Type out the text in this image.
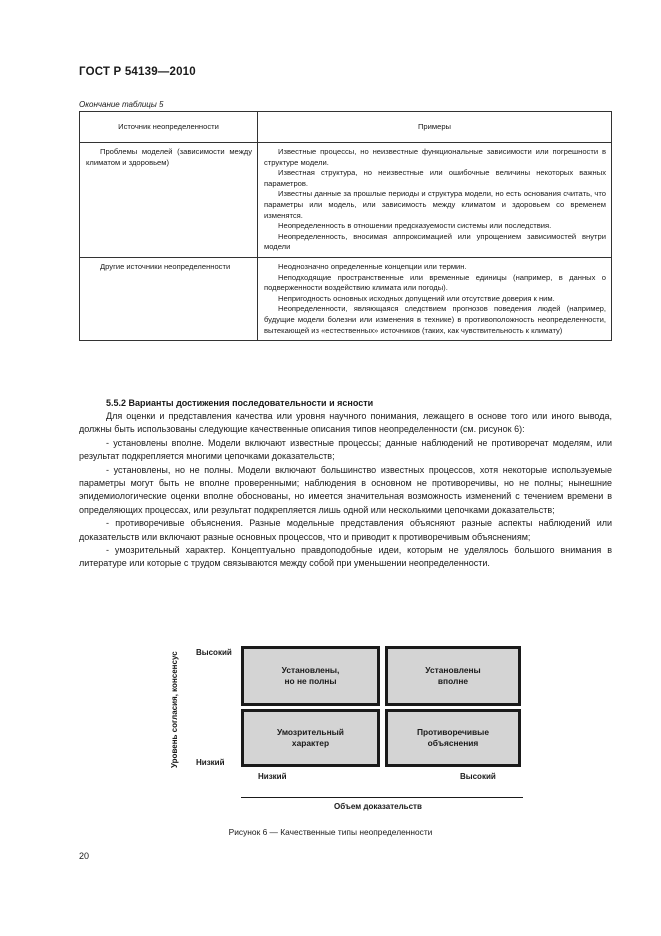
ГОСТ Р 54139—2010
Окончание таблицы 5
Источник неопределенности	Примеры

Проблемы моделей (зависимости между климатом и здоровьем)	Известные процессы, но неизвестные функциональные зависимости или погрешности в структуре модели.

Известная структура, но неизвестные или ошибочные величины некоторых важных параметров.

Известны данные за прошлые периоды и структура модели, но есть основания считать, что параметры или модель, или зависимость между климатом и здоровьем со временем изменятся.

Неопределенность в отношении предсказуемости системы или последствия.

Неопределенность, вносимая аппроксимацией или упрощением зависимостей внутри модели

Другие источники неопределенности	Неоднозначно определенные концепции или термин.

Неподходящие пространственные или временные единицы (например, в данных о подверженности воздействию климата или погоды).

Непригодность основных исходных допущений или отсутствие доверия к ним.

Неопределенности, являющаяся следствием прогнозов поведения людей (например, будущие модели болезни или изменения в технике) в противоположность неопределенности, вытекающей из «естественных» источников (таких, как чувствительность к климату)

5.5.2 Варианты достижения последовательности и ясности

Для оценки и представления качества или уровня научного понимания, лежащего в основе того или иного вывода, должны быть использованы следующие качественные описания типов неопределенности (см. рисунок 6):

- установлены вполне. Модели включают известные процессы; данные наблюдений не противоречат моделям, или результат подкрепляется многими цепочками доказательств;

- установлены, но не полны. Модели включают большинство известных процессов, хотя некоторые используемые параметры могут быть не вполне проверенными; наблюдения в основном не противоречивы, но не полны; нынешние эпидемиологические оценки вполне обоснованы, но имеется значительная возможность изменений с течением времени в определяющих процессах, или результат подкрепляется лишь одной или несколькими цепочками доказательств;

- противоречивые объяснения. Разные модельные представления объясняют разные аспекты наблюдений или доказательств или включают разные основных процессов, что и приводит к противоречивым объяснениям;

- умозрительный характер. Концептуально правдоподобные идеи, которым не уделялось большого внимания в литературе или которые с трудом связываются между собой при уменьшении неопределенности.

Уровень согласия, консенсус Высокий
Низкий
Установлены,
но не полны
Установлены
вполне
Умозрительный
характер
Противоречивые
объяснения
Низкий	Высокий
Объем доказательств
Рисунок 6 — Качественные типы неопределенности
20
